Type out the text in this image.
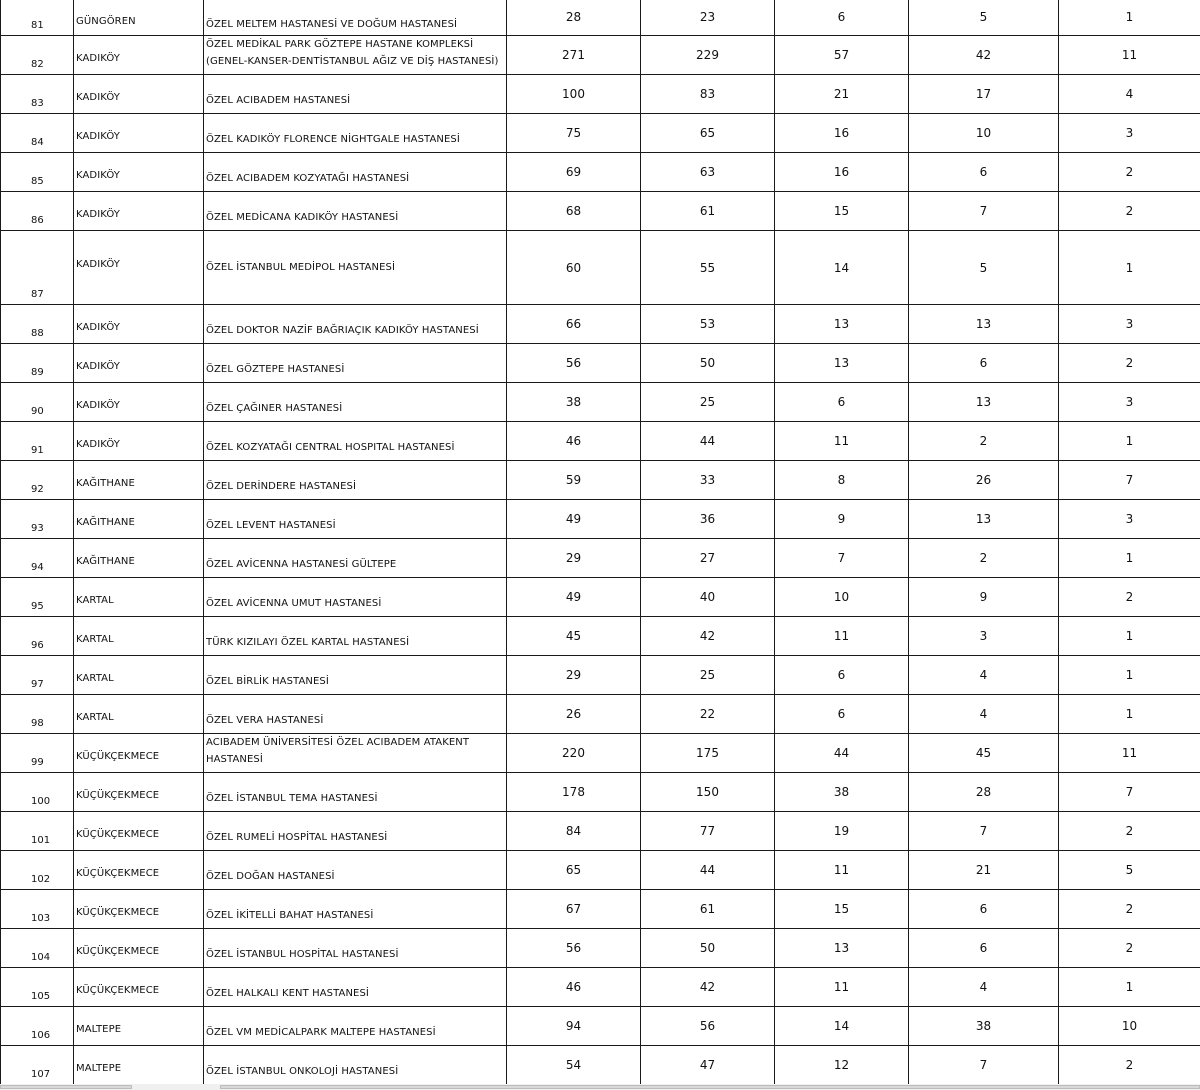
81	GÜNGÖREN	ÖZEL MELTEM HASTANESİ VE DOĞUM HASTANESİ	28	23	6	5	1
82	KADIKÖY	ÖZEL MEDİKAL PARK GÖZTEPE HASTANE KOMPLEKSİ (GENEL-KANSER-DENTİSTANBUL AĞIZ VE DİŞ HASTANESİ)	271	229	57	42	11
83	KADIKÖY	ÖZEL ACIBADEM HASTANESİ	100	83	21	17	4
84	KADIKÖY	ÖZEL KADIKÖY FLORENCE NİGHTGALE HASTANESİ	75	65	16	10	3
85	KADIKÖY	ÖZEL ACIBADEM KOZYATAĞI HASTANESİ	69	63	16	6	2
86	KADIKÖY	ÖZEL MEDİCANA KADIKÖY HASTANESİ	68	61	15	7	2
87	KADIKÖY	ÖZEL İSTANBUL MEDİPOL HASTANESİ	60	55	14	5	1
88	KADIKÖY	ÖZEL DOKTOR NAZİF BAĞRIAÇIK KADIKÖY HASTANESİ	66	53	13	13	3
89	KADIKÖY	ÖZEL GÖZTEPE HASTANESİ	56	50	13	6	2
90	KADIKÖY	ÖZEL ÇAĞINER HASTANESİ	38	25	6	13	3
91	KADIKÖY	ÖZEL KOZYATAĞI CENTRAL HOSPITAL HASTANESİ	46	44	11	2	1
92	KAĞITHANE	ÖZEL DERİNDERE HASTANESİ	59	33	8	26	7
93	KAĞITHANE	ÖZEL LEVENT HASTANESİ	49	36	9	13	3
94	KAĞITHANE	ÖZEL AVİCENNA HASTANESİ GÜLTEPE	29	27	7	2	1
95	KARTAL	ÖZEL AVİCENNA UMUT HASTANESİ	49	40	10	9	2
96	KARTAL	TÜRK KIZILAYI ÖZEL KARTAL HASTANESİ	45	42	11	3	1
97	KARTAL	ÖZEL BİRLİK HASTANESİ	29	25	6	4	1
98	KARTAL	ÖZEL VERA HASTANESİ	26	22	6	4	1
99	KÜÇÜKÇEKMECE	ACIBADEM ÜNİVERSİTESİ ÖZEL ACIBADEM ATAKENT HASTANESİ	220	175	44	45	11
100	KÜÇÜKÇEKMECE	ÖZEL İSTANBUL TEMA HASTANESİ	178	150	38	28	7
101	KÜÇÜKÇEKMECE	ÖZEL RUMELİ HOSPİTAL HASTANESİ	84	77	19	7	2
102	KÜÇÜKÇEKMECE	ÖZEL DOĞAN HASTANESİ	65	44	11	21	5
103	KÜÇÜKÇEKMECE	ÖZEL İKİTELLİ BAHAT HASTANESİ	67	61	15	6	2
104	KÜÇÜKÇEKMECE	ÖZEL İSTANBUL HOSPİTAL HASTANESİ	56	50	13	6	2
105	KÜÇÜKÇEKMECE	ÖZEL HALKALI KENT HASTANESİ	46	42	11	4	1
106	MALTEPE	ÖZEL VM MEDİCALPARK MALTEPE HASTANESİ	94	56	14	38	10
107	MALTEPE	ÖZEL İSTANBUL ONKOLOJİ HASTANESİ	54	47	12	7	2
